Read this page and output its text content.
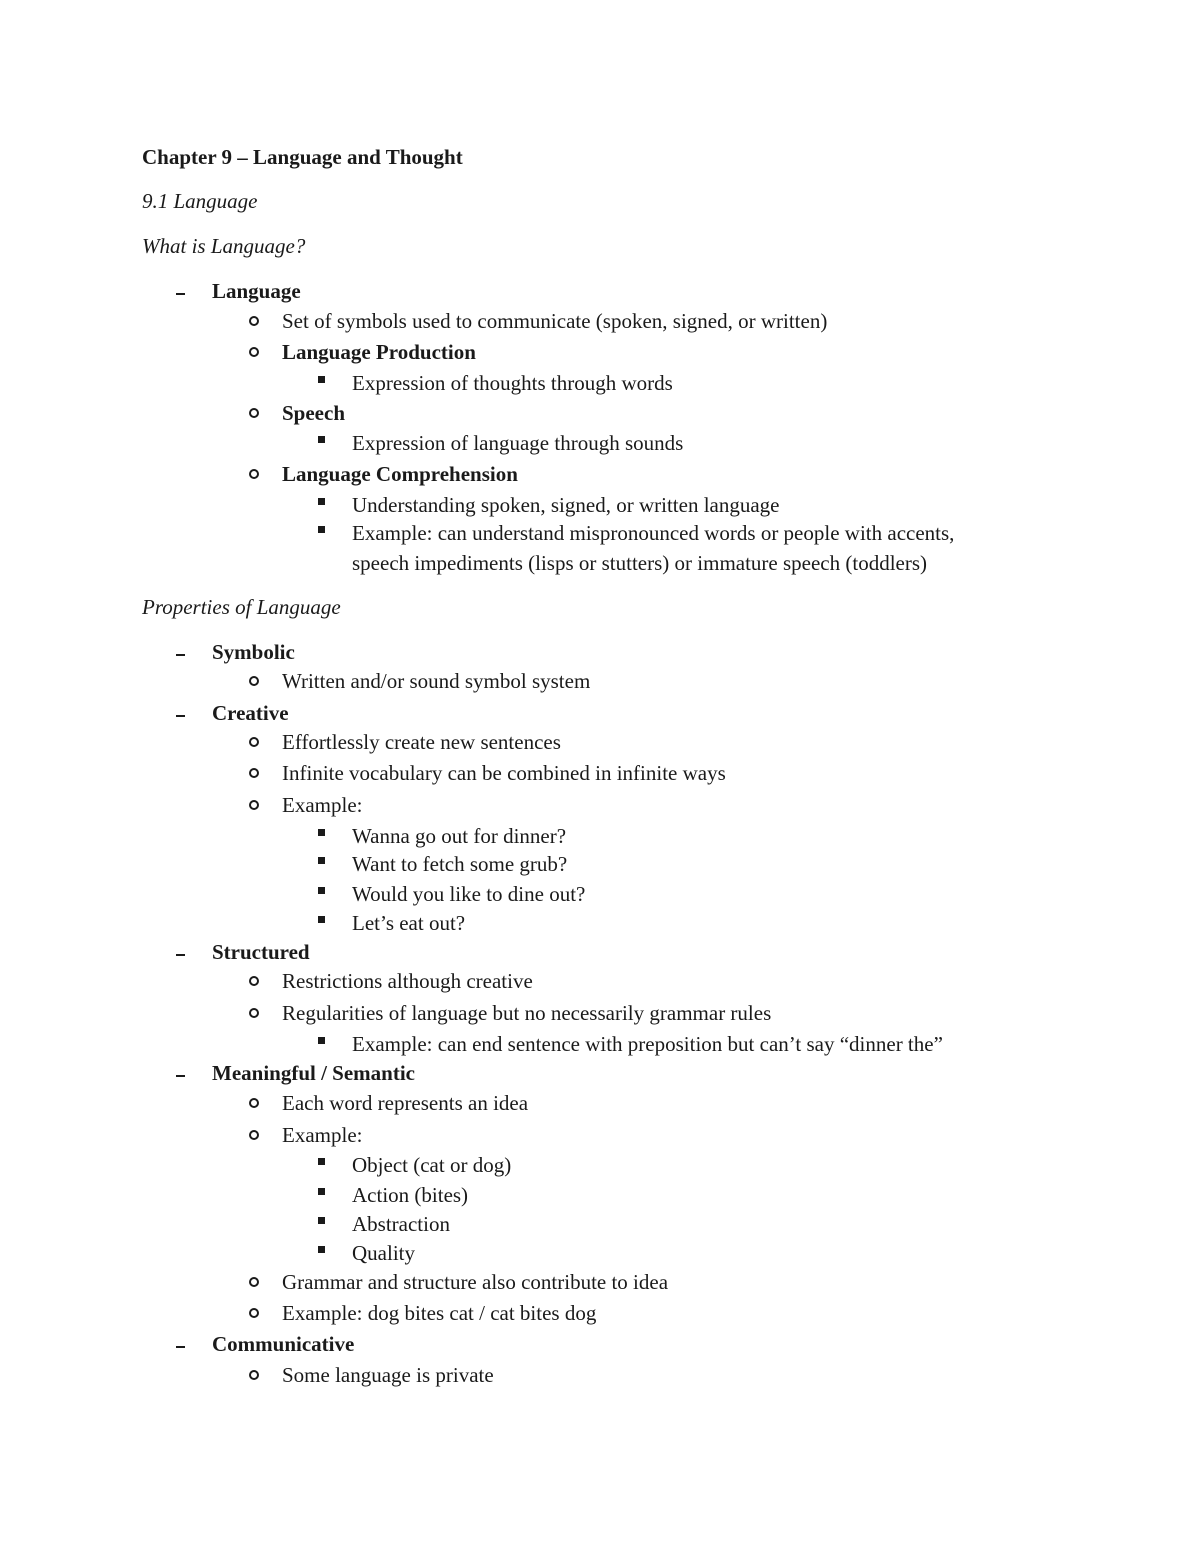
Chapter 9 – Language and Thought
9.1 Language
What is Language?
Language
Set of symbols used to communicate (spoken, signed, or written)
Language Production
Expression of thoughts through words
Speech
Expression of language through sounds
Language Comprehension
Understanding spoken, signed, or written language
Example: can understand mispronounced words or people with accents,
speech impediments (lisps or stutters) or immature speech (toddlers)
Properties of Language
Symbolic
Written and/or sound symbol system
Creative
Effortlessly create new sentences
Infinite vocabulary can be combined in infinite ways
Example:
Wanna go out for dinner?
Want to fetch some grub?
Would you like to dine out?
Let’s eat out?
Structured
Restrictions although creative
Regularities of language but no necessarily grammar rules
Example: can end sentence with preposition but can’t say “dinner the”
Meaningful / Semantic
Each word represents an idea
Example:
Object (cat or dog)
Action (bites)
Abstraction
Quality
Grammar and structure also contribute to idea
Example: dog bites cat / cat bites dog
Communicative
Some language is private
